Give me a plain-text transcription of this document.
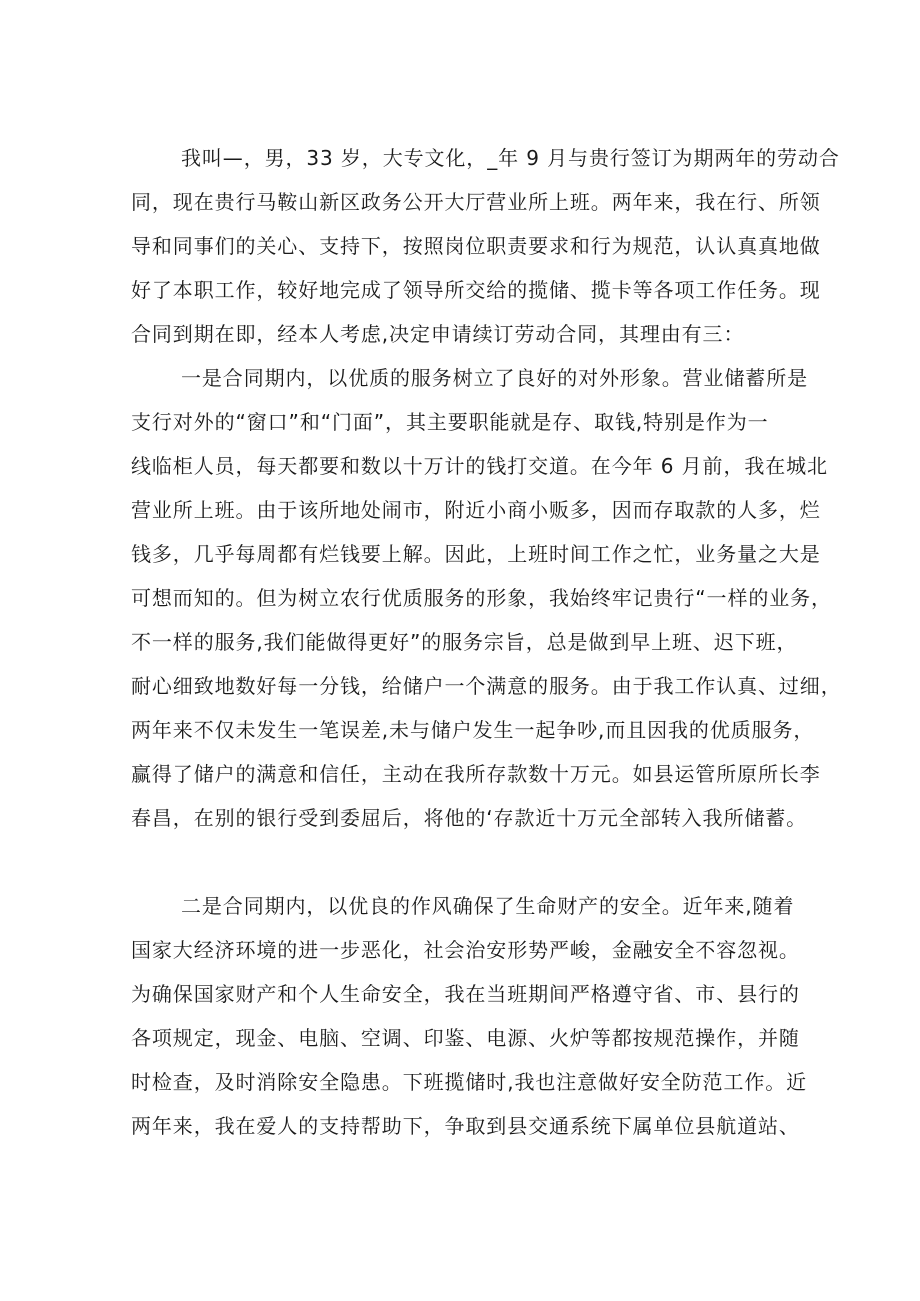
我叫—，男，33 岁，大专文化，_年 9 月与贵行签订为期两年的劳动合
同，现在贵行马鞍山新区政务公开大厅营业所上班。两年来，我在行、所领
导和同事们的关心、支持下，按照岗位职责要求和行为规范，认认真真地做
好了本职工作，较好地完成了领导所交给的揽储、揽卡等各项工作任务。现
合同到期在即，经本人考虑,决定申请续订劳动合同，其理由有三：
一是合同期内，以优质的服务树立了良好的对外形象。营业储蓄所是
支行对外的“窗口”和“门面”，其主要职能就是存、取钱,特别是作为一
线临柜人员，每天都要和数以十万计的钱打交道。在今年 6 月前，我在城北
营业所上班。由于该所地处闹市，附近小商小贩多，因而存取款的人多，烂
钱多，几乎每周都有烂钱要上解。因此，上班时间工作之忙，业务量之大是
可想而知的。但为树立农行优质服务的形象，我始终牢记贵行“一样的业务，
不一样的服务,我们能做得更好”的服务宗旨，总是做到早上班、迟下班，
耐心细致地数好每一分钱，给储户一个满意的服务。由于我工作认真、过细，
两年来不仅未发生一笔误差,未与储户发生一起争吵,而且因我的优质服务，
赢得了储户的满意和信任，主动在我所存款数十万元。如县运管所原所长李
春昌，在别的银行受到委屈后，将他的‘存款近十万元全部转入我所储蓄。
二是合同期内，以优良的作风确保了生命财产的安全。近年来,随着
国家大经济环境的进一步恶化，社会治安形势严峻，金融安全不容忽视。
为确保国家财产和个人生命安全，我在当班期间严格遵守省、市、县行的
各项规定，现金、电脑、空调、印鉴、电源、火炉等都按规范操作，并随
时检查，及时消除安全隐患。下班揽储时,我也注意做好安全防范工作。近
两年来，我在爱人的支持帮助下，争取到县交通系统下属单位县航道站、
